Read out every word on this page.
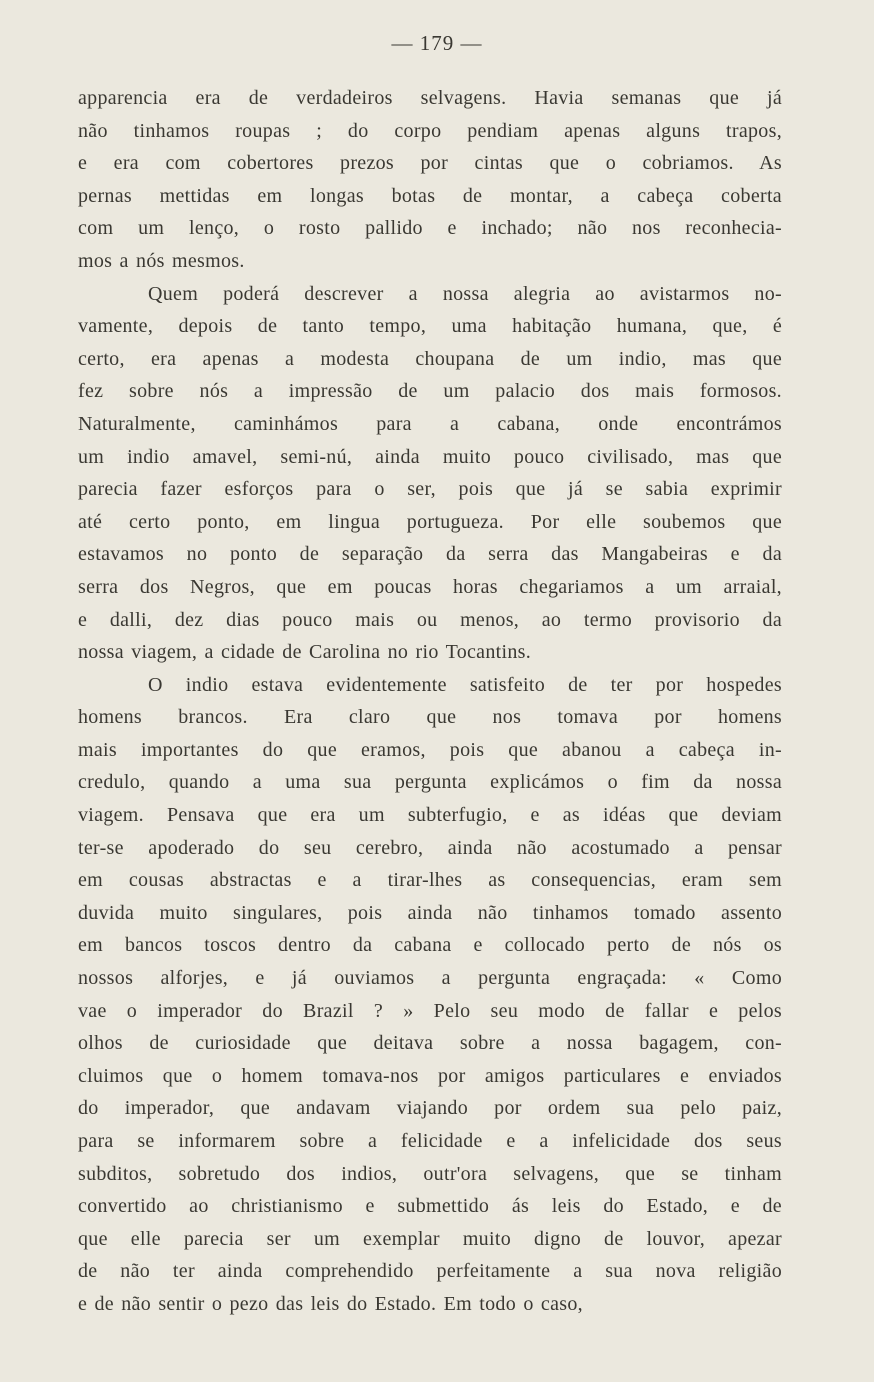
— 179 —

apparencia era de verdadeiros selvagens. Havia semanas que já
não tinhamos roupas ; do corpo pendiam apenas alguns trapos,
e era com cobertores prezos por cintas que o cobriamos. As
pernas mettidas em longas botas de montar, a cabeça coberta
com um lenço, o rosto pallido e inchado; não nos reconhecia-
mos a nós mesmos.

Quem poderá descrever a nossa alegria ao avistarmos no-
vamente, depois de tanto tempo, uma habitação humana, que, é
certo, era apenas a modesta choupana de um indio, mas que
fez sobre nós a impressão de um palacio dos mais formosos.
Naturalmente, caminhámos para a cabana, onde encontrámos
um indio amavel, semi-nú, ainda muito pouco civilisado, mas que
parecia fazer esforços para o ser, pois que já se sabia exprimir
até certo ponto, em lingua portugueza. Por elle soubemos que
estavamos no ponto de separação da serra das Mangabeiras e da
serra dos Negros, que em poucas horas chegariamos a um arraial,
e dalli, dez dias pouco mais ou menos, ao termo provisorio da
nossa viagem, a cidade de Carolina no rio Tocantins.

O indio estava evidentemente satisfeito de ter por hospedes
homens brancos. Era claro que nos tomava por homens
mais importantes do que eramos, pois que abanou a cabeça in-
credulo, quando a uma sua pergunta explicámos o fim da nossa
viagem. Pensava que era um subterfugio, e as idéas que deviam
ter-se apoderado do seu cerebro, ainda não acostumado a pensar
em cousas abstractas e a tirar-lhes as consequencias, eram sem
duvida muito singulares, pois ainda não tinhamos tomado assento
em bancos toscos dentro da cabana e collocado perto de nós os
nossos alforjes, e já ouviamos a pergunta engraçada: « Como
vae o imperador do Brazil ? » Pelo seu modo de fallar e pelos
olhos de curiosidade que deitava sobre a nossa bagagem, con-
cluimos que o homem tomava-nos por amigos particulares e enviados
do imperador, que andavam viajando por ordem sua pelo paiz,
para se informarem sobre a felicidade e a infelicidade dos seus
subditos, sobretudo dos indios, outr'ora selvagens, que se tinham
convertido ao christianismo e submettido ás leis do Estado, e de
que elle parecia ser um exemplar muito digno de louvor, apezar
de não ter ainda comprehendido perfeitamente a sua nova religião
e de não sentir o pezo das leis do Estado. Em todo o caso,
